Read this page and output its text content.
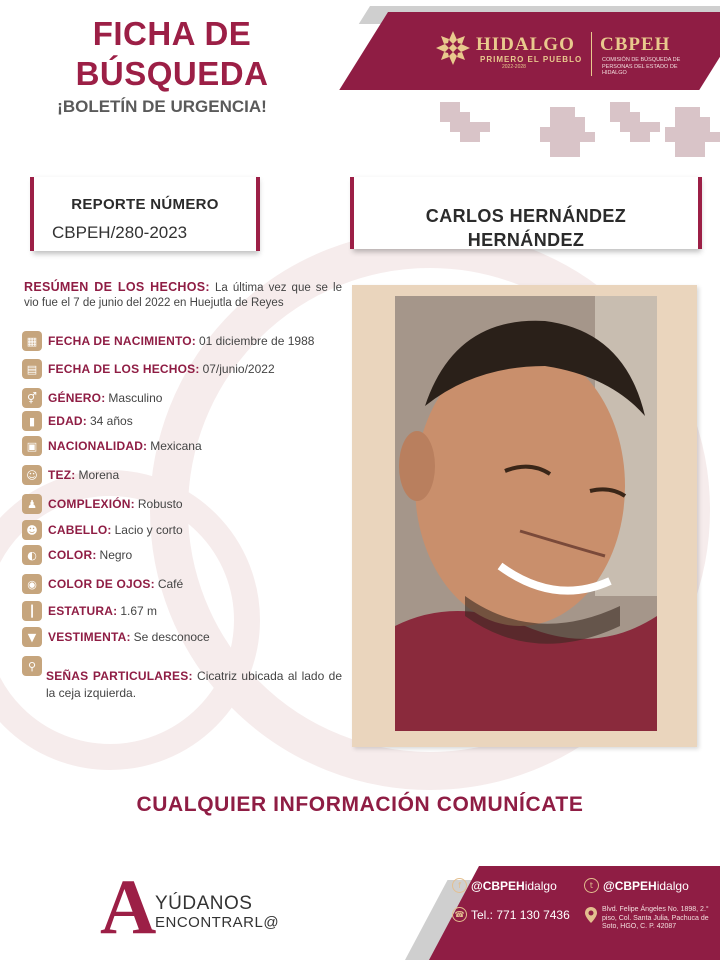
FICHA DE
BÚSQUEDA
¡BOLETÍN DE URGENCIA!
HIDALGO
PRIMERO EL PUEBLO
2022-2028
CBPEH
COMISIÓN DE BÚSQUEDA DE PERSONAS DEL ESTADO DE HIDALGO
REPORTE NÚMERO
CBPEH/280-2023
CARLOS HERNÁNDEZ
HERNÁNDEZ
RESÚMEN DE LOS HECHOS: La última vez que se le vio fue el 7 de junio del 2022 en Huejutla de Reyes
▦ FECHA DE NACIMIENTO: 01 diciembre de 1988
▤ FECHA DE LOS HECHOS: 07/junio/2022
⚥ GÉNERO: Masculino
▮	EDAD: 34 años
▣ NACIONALIDAD: Mexicana
☺ TEZ: Morena
♟ COMPLEXIÓN: Robusto
☻ CABELLO: Lacio y corto
◐ COLOR: Negro
◉ COLOR DE OJOS: Café
┃	ESTATURA: 1.67 m
▼ VESTIMENTA: Se desconoce
⚲
SEÑAS PARTICULARES: Cicatriz ubicada al lado de la ceja izquierda.
CUALQUIER INFORMACIÓN COMUNÍCATE
A
YÚDANOS
ENCONTRARL@
f @CBPEH idalgo	t @CBPEH idalgo
☎ Tel.:
771 130 7436	Blvd. Felipe Ángeles No. 1898, 2.° piso, Col. Santa Julia, Pachuca de Soto, HGO, C. P. 42087
